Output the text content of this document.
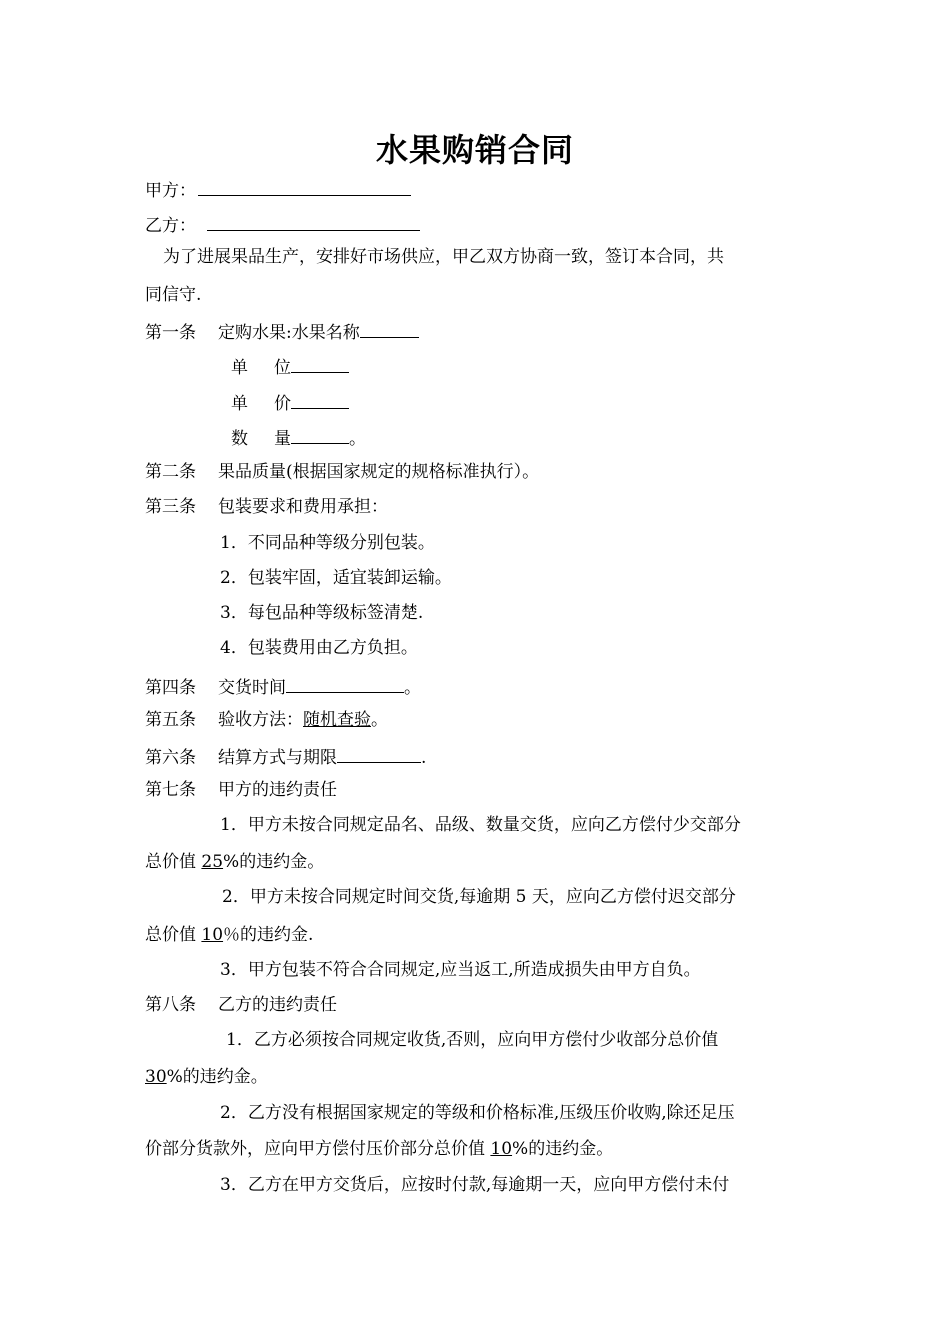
水果购销合同
甲方：
乙方：
为了进展果品生产，安排好市场供应，甲乙双方协商一致，签订本合同，共
同信守.
第一条 定购水果:水果名称
单 位
单 价
数 量	。
第二条 果品质量(根据国家规定的规格标准执行）。
第三条 包装要求和费用承担：
1．不同品种等级分别包装。
2．包装牢固，适宜装卸运输。
3．每包品种等级标签清楚.
4．包装费用由乙方负担。
第四条 交货时间	。
第五条 验收方法：随机查验。
第六条 结算方式与期限	.
第七条 甲方的违约责任
1．甲方未按合同规定品名、品级、数量交货，应向乙方偿付少交部分
总价值 25%的违约金。
2．甲方未按合同规定时间交货,每逾期 5 天，应向乙方偿付迟交部分
总价值 10％的违约金.
3．甲方包装不符合合同规定,应当返工,所造成损失由甲方自负。
第八条 乙方的违约责任
1．乙方必须按合同规定收货,否则，应向甲方偿付少收部分总价值
30%的违约金。
2．乙方没有根据国家规定的等级和价格标准,压级压价收购,除还足压
价部分货款外，应向甲方偿付压价部分总价值 10%的违约金。
3．乙方在甲方交货后，应按时付款,每逾期一天，应向甲方偿付未付
